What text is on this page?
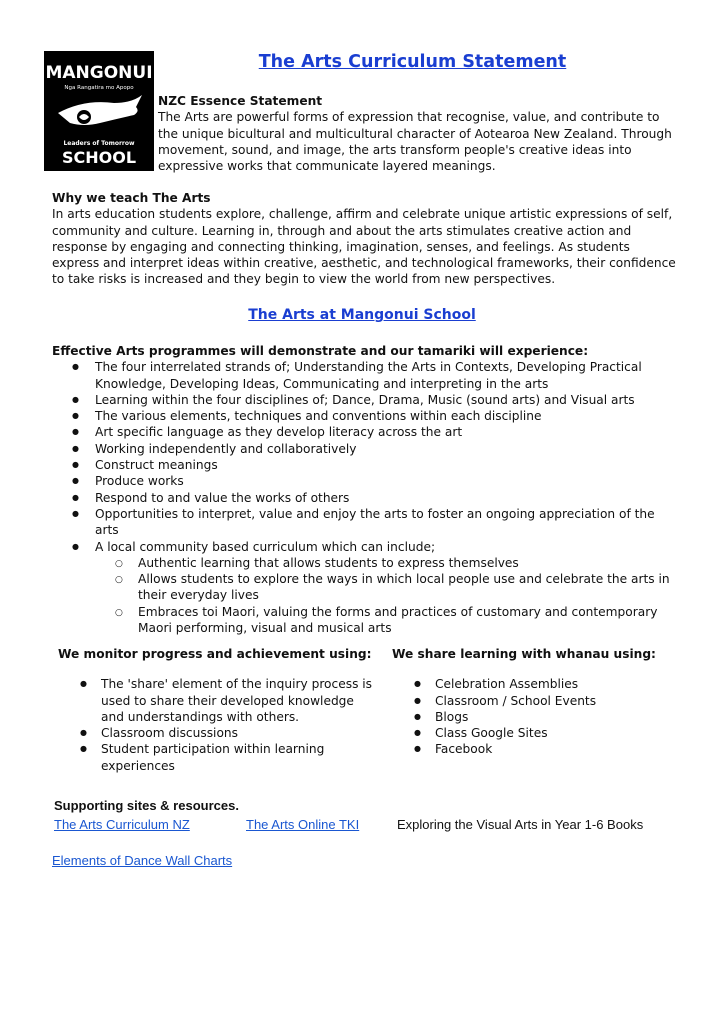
MANGONUI
Nga Rangatira mo Apopo
Leaders of Tomorrow
SCHOOL
The Arts Curriculum Statement

NZC Essence Statement

The Arts are powerful forms of expression that recognise, value, and contribute to the unique bicultural and multicultural character of Aotearoa New Zealand. Through movement, sound, and image, the arts transform people's creative ideas into expressive works that communicate layered meanings.

Why we teach The Arts

In arts education students explore, challenge, affirm and celebrate unique artistic expressions of self, community and culture. Learning in, through and about the arts stimulates creative action and response by engaging and connecting thinking, imagination, senses, and feelings. As students express and interpret ideas within creative, aesthetic, and technological frameworks, their confidence to take risks is increased and they begin to view the world from new perspectives.

The Arts at Mangonui School

Effective Arts programmes will demonstrate and our tamariki will experience:

● The four interrelated strands of; Understanding the Arts in Contexts, Developing Practical Knowledge, Developing Ideas, Communicating and interpreting in the arts
● Learning within the four disciplines of; Dance, Drama, Music (sound arts) and Visual arts
● The various elements, techniques and conventions within each discipline
● Art specific language as they develop literacy across the art
● Working independently and collaboratively
● Construct meanings
● Produce works
● Respond to and value the works of others
● Opportunities to interpret, value and enjoy the arts to foster an ongoing appreciation of the arts
● A local community based curriculum which can include;
○ Authentic learning that allows students to express themselves
○ Allows students to explore the ways in which local people use and celebrate the arts in their everyday lives
○ Embraces toi Maori, valuing the forms and practices of customary and contemporary Maori performing, visual and musical arts

We monitor progress and achievement using:

● The 'share' element of the inquiry process is used to share their developed knowledge and understandings with others.
● Classroom discussions
● Student participation within learning experiences

We share learning with whanau using:

● Celebration Assemblies
● Classroom / School Events
● Blogs
● Class Google Sites
● Facebook
Supporting sites & resources.
The Arts Curriculum NZ	The Arts Online TKI	Exploring the Visual Arts in Year 1-6 Books
Elements of Dance Wall Charts
